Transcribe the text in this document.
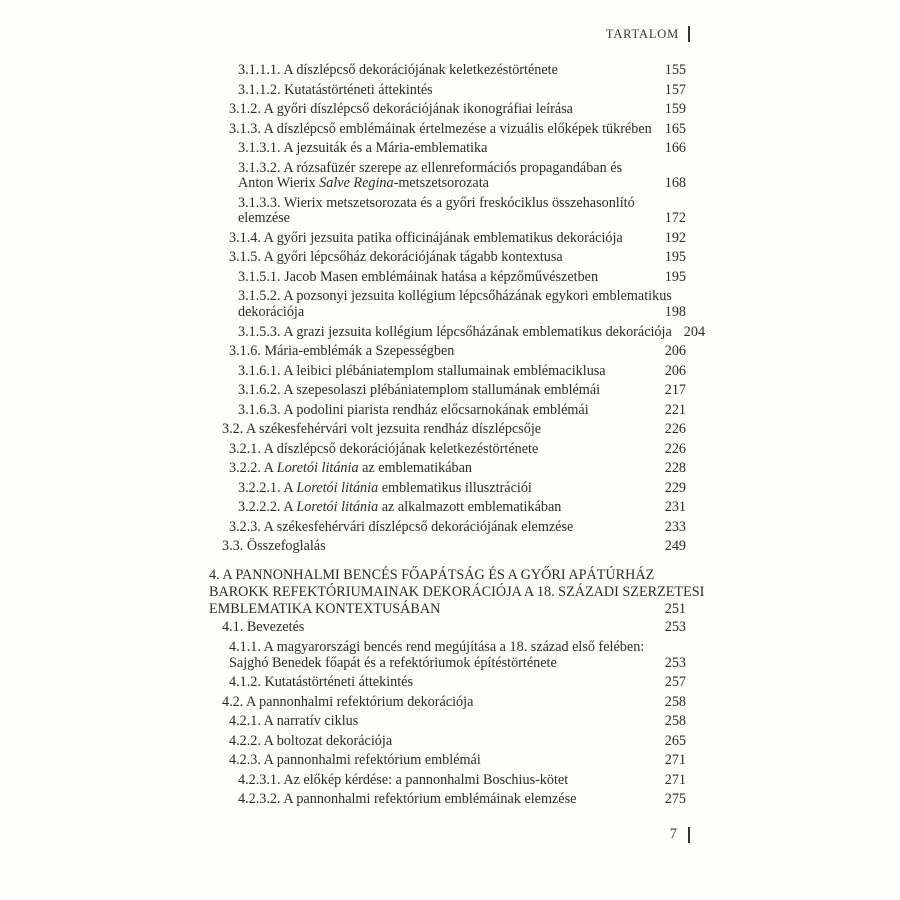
TARTALOM
3.1.1.1. A díszlépcső dekorációjának keletkezéstörténete	155
3.1.1.2. Kutatástörténeti áttekintés	157
3.1.2. A győri díszlépcső dekorációjának ikonográfiai leírása	159
3.1.3. A díszlépcső emblémáinak értelmezése a vizuális előképek tükrében 165
3.1.3.1. A jezsuiták és a Mária-emblematika	166
3.1.3.2. A rózsafüzér szerepe az ellenreformációs propagandában és
Anton Wierix Salve Regina-metszetsorozata	168
3.1.3.3. Wierix metszetsorozata és a győri freskóciklus összehasonlító
elemzése	172
3.1.4. A győri jezsuita patika officinájának emblematikus dekorációja	192
3.1.5. A győri lépcsőház dekorációjának tágabb kontextusa	195
3.1.5.1. Jacob Masen emblémáinak hatása a képzőművészetben	195
3.1.5.2. A pozsonyi jezsuita kollégium lépcsőházának egykori emblematikus
dekorációja	198
3.1.5.3. A grazi jezsuita kollégium lépcsőházának emblematikus dekorációja 204
3.1.6. Mária-emblémák a Szepességben	206
3.1.6.1. A leibici plébániatemplom stallumainak emblémaciklusa	206
3.1.6.2. A szepesolaszi plébániatemplom stallumának emblémái	217
3.1.6.3. A podolini piarista rendház előcsarnokának emblémái	221
3.2. A székesfehérvári volt jezsuita rendház díszlépcsője	226
3.2.1. A díszlépcső dekorációjának keletkezéstörténete	226
3.2.2. A Loretói litánia az emblematikában	228
3.2.2.1. A Loretói litánia emblematikus illusztrációi	229
3.2.2.2. A Loretói litánia az alkalmazott emblematikában	231
3.2.3. A székesfehérvári díszlépcső dekorációjának elemzése	233
3.3. Összefoglalás	249
4. A PANNONHALMI BENCÉS FŐAPÁTSÁG ÉS A GYŐRI APÁTÚRHÁZ
BAROKK REFEKTÓRIUMAINAK DEKORÁCIÓJA A 18. SZÁZADI SZERZETESI
EMBLEMATIKA KONTEXTUSÁBAN	251
4.1. Bevezetés	253
4.1.1. A magyarországi bencés rend megújítása a 18. század első felében:
Sajghó Benedek főapát és a refektóriumok építéstörténete	253
4.1.2. Kutatástörténeti áttekintés	257
4.2. A pannonhalmi refektórium dekorációja	258
4.2.1. A narratív ciklus	258
4.2.2. A boltozat dekorációja	265
4.2.3. A pannonhalmi refektórium emblémái	271
4.2.3.1. Az előkép kérdése: a pannonhalmi Boschius-kötet	271
4.2.3.2. A pannonhalmi refektórium emblémáinak elemzése	275
7
